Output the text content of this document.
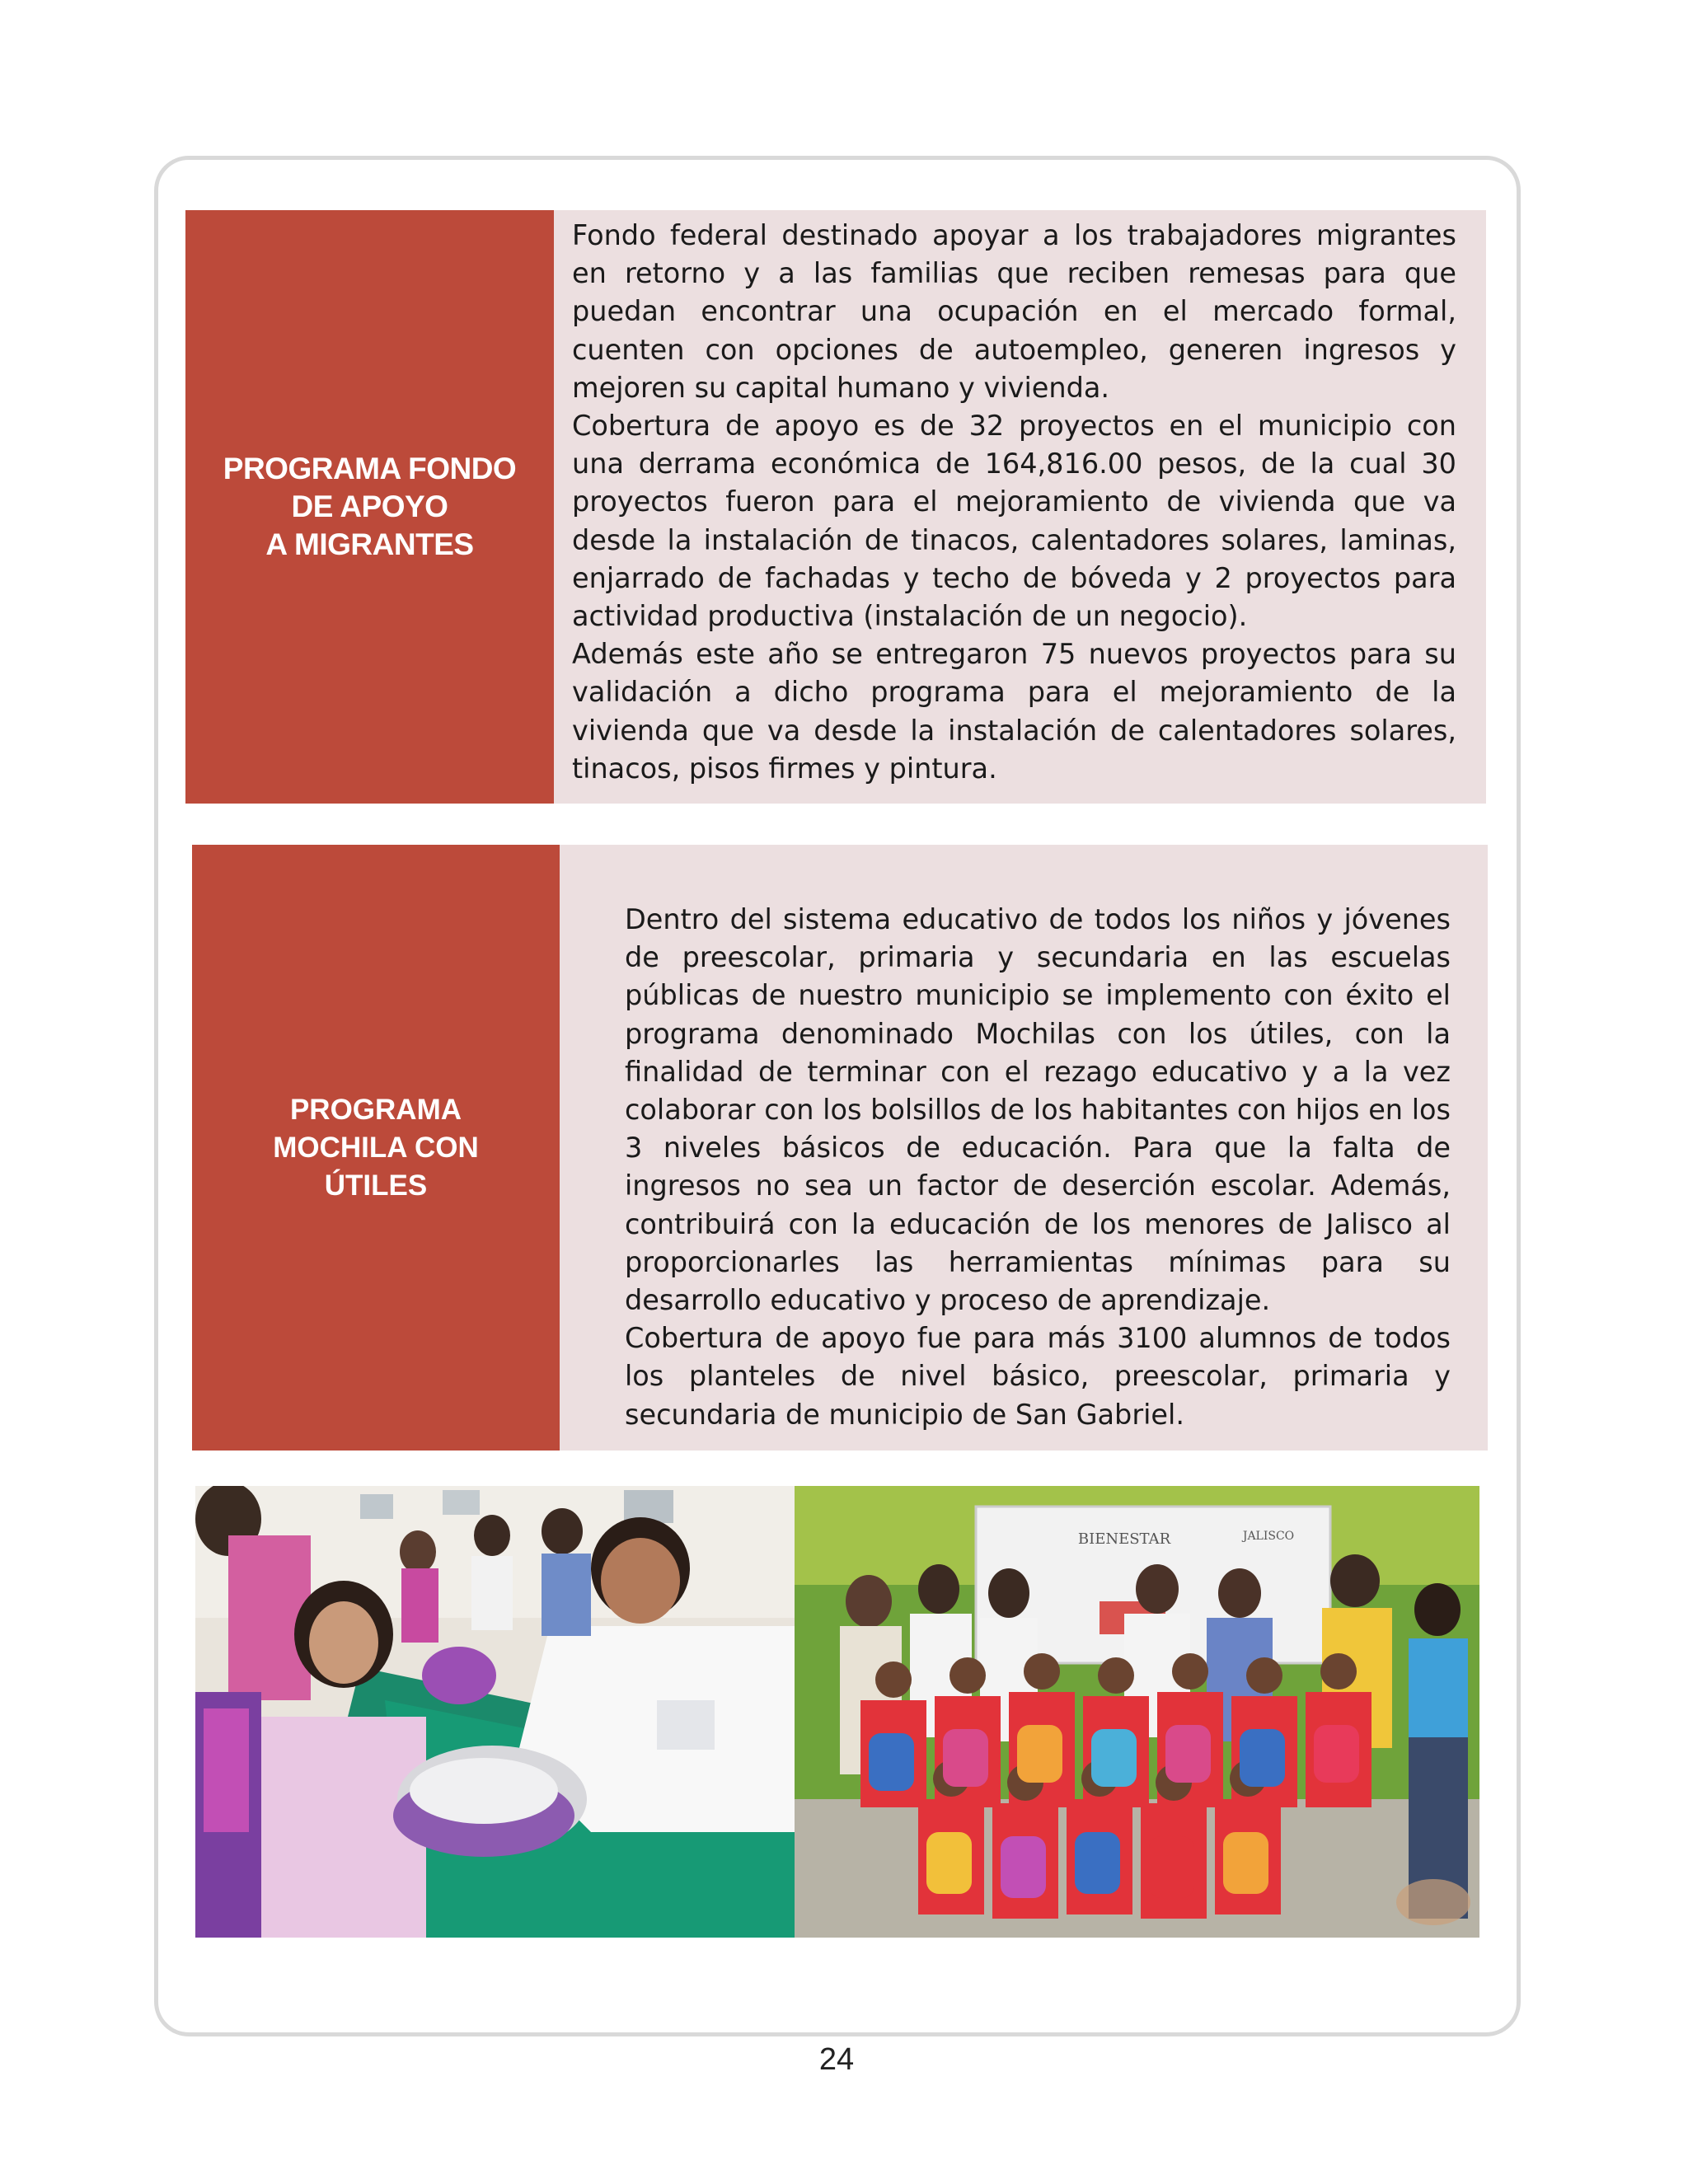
PROGRAMA FONDO
DE APOYO
A MIGRANTES

Fondo federal destinado apoyar a los trabajadores migrantes en retorno y a las familias que reciben remesas para que puedan encontrar una ocupación en el mercado formal, cuenten con opciones de autoempleo, generen ingresos y mejoren su capital humano y vivienda.

Cobertura de apoyo es de 32 proyectos en el municipio con una derrama económica de 164,816.00 pesos, de la cual 30 proyectos fueron para el mejoramiento de vivienda que va desde la instalación de tinacos, calentadores solares, laminas, enjarrado de fachadas y techo de bóveda y 2 proyectos para actividad productiva (instalación de un negocio).

Además este año se entregaron 75 nuevos proyectos para su validación a dicho programa para el mejoramiento de la vivienda que va desde la instalación de calentadores solares, tinacos, pisos firmes y pintura.

PROGRAMA
MOCHILA CON
ÚTILES

Dentro del sistema educativo de todos los niños y jóvenes de preescolar, primaria y secundaria en las escuelas públicas de nuestro municipio se implemento con éxito el programa denominado Mochilas con los útiles, con la finalidad de terminar con el rezago educativo y a la vez colaborar con los bolsillos de los habitantes con hijos en los 3 niveles básicos de educación. Para que la falta de ingresos no sea un factor de deserción escolar. Además, contribuirá con la educación de los menores de Jalisco al proporcionarles las herramientas mínimas para su desarrollo educativo y proceso de aprendizaje.

Cobertura de apoyo fue para más 3100 alumnos de todos los planteles de nivel básico, preescolar, primaria y secundaria de municipio de San Gabriel.

BIENESTAR	JALISCO
24
